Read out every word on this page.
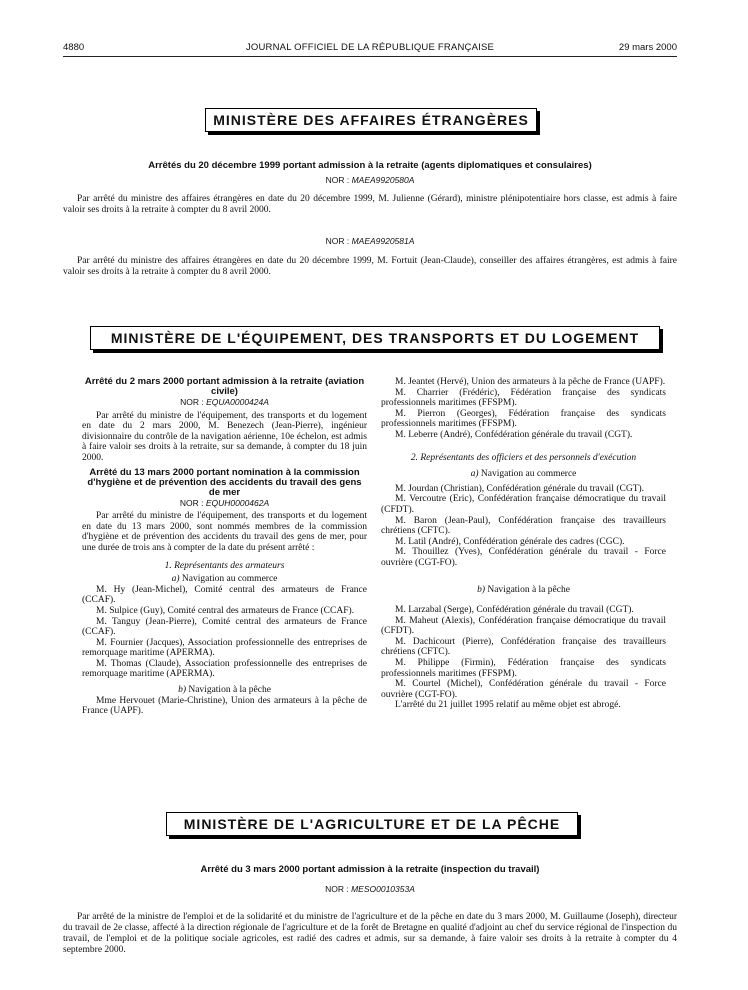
4880	JOURNAL OFFICIEL DE LA RÉPUBLIQUE FRANÇAISE	29 mars 2000
MINISTÈRE DES AFFAIRES ÉTRANGÈRES
Arrêtés du 20 décembre 1999 portant admission à la retraite (agents diplomatiques et consulaires)
NOR : MAEA9920580A

Par arrêté du ministre des affaires étrangères en date du 20 décembre 1999, M. Julienne (Gérard), ministre plénipotentiaire hors classe, est admis à faire valoir ses droits à la retraite à compter du 8 avril 2000.

NOR : MAEA9920581A

Par arrêté du ministre des affaires étrangères en date du 20 décembre 1999, M. Fortuit (Jean-Claude), conseiller des affaires étrangères, est admis à faire valoir ses droits à la retraite à compter du 8 avril 2000.

MINISTÈRE DE L'ÉQUIPEMENT, DES TRANSPORTS ET DU LOGEMENT

Arrêté du 2 mars 2000 portant admission à la retraite (aviation civile)

NOR : EQUA0000424A

Par arrêté du ministre de l'équipement, des transports et du logement en date du 2 mars 2000, M. Benezech (Jean-Pierre), ingénieur divisionnaire du contrôle de la navigation aérienne, 10e échelon, est admis à faire valoir ses droits à la retraite, sur sa demande, à compter du 18 juin 2000.

Arrêté du 13 mars 2000 portant nomination à la commission d'hygiène et de prévention des accidents du travail des gens de mer

NOR : EQUH0000462A

Par arrêté du ministre de l'équipement, des transports et du logement en date du 13 mars 2000, sont nommés membres de la commission d'hygiène et de prévention des accidents du travail des gens de mer, pour une durée de trois ans à compter de la date du présent arrêté :

1. Représentants des armateurs

a) Navigation au commerce

M. Hy (Jean-Michel), Comité central des armateurs de France (CCAF).

M. Sulpice (Guy), Comité central des armateurs de France (CCAF).

M. Tanguy (Jean-Pierre), Comité central des armateurs de France (CCAF).

M. Fournier (Jacques), Association professionnelle des entreprises de remorquage maritime (APERMA).

M. Thomas (Claude), Association professionnelle des entreprises de remorquage maritime (APERMA).

b) Navigation à la pêche

Mme Hervouet (Marie-Christine), Union des armateurs à la pêche de France (UAPF).

M. Jeantet (Hervé), Union des armateurs à la pêche de France (UAPF).

M. Charrier (Frédéric), Fédération française des syndicats professionnels maritimes (FFSPM).

M. Pierron (Georges), Fédération française des syndicats professionnels maritimes (FFSPM).

M. Leberre (André), Confédération générale du travail (CGT).

2. Représentants des officiers et des personnels d'exécution

a) Navigation au commerce

M. Jourdan (Christian), Confédération générale du travail (CGT).

M. Vercoutre (Eric), Confédération française démocratique du travail (CFDT).

M. Baron (Jean-Paul), Confédération française des travailleurs chrétiens (CFTC).

M. Latil (André), Confédération générale des cadres (CGC).

M. Thouillez (Yves), Confédération générale du travail - Force ouvrière (CGT-FO).

b) Navigation à la pêche

M. Larzabal (Serge), Confédération générale du travail (CGT).

M. Maheut (Alexis), Confédération française démocratique du travail (CFDT).

M. Dachicourt (Pierre), Confédération française des travailleurs chrétiens (CFTC).

M. Philippe (Firmin), Fédération française des syndicats professionnels maritimes (FFSPM).

M. Courtel (Michel), Confédération générale du travail - Force ouvrière (CGT-FO).

L'arrêté du 21 juillet 1995 relatif au même objet est abrogé.

MINISTÈRE DE L'AGRICULTURE ET DE LA PÊCHE
Arrêté du 3 mars 2000 portant admission à la retraite (inspection du travail)
NOR : MESO0010353A

Par arrêté de la ministre de l'emploi et de la solidarité et du ministre de l'agriculture et de la pêche en date du 3 mars 2000, M. Guillaume (Joseph), directeur du travail de 2e classe, affecté à la direction régionale de l'agriculture et de la forêt de Bretagne en qualité d'adjoint au chef du service régional de l'inspection du travail, de l'emploi et de la politique sociale agricoles, est radié des cadres et admis, sur sa demande, à faire valoir ses droits à la retraite à compter du 4 septembre 2000.
